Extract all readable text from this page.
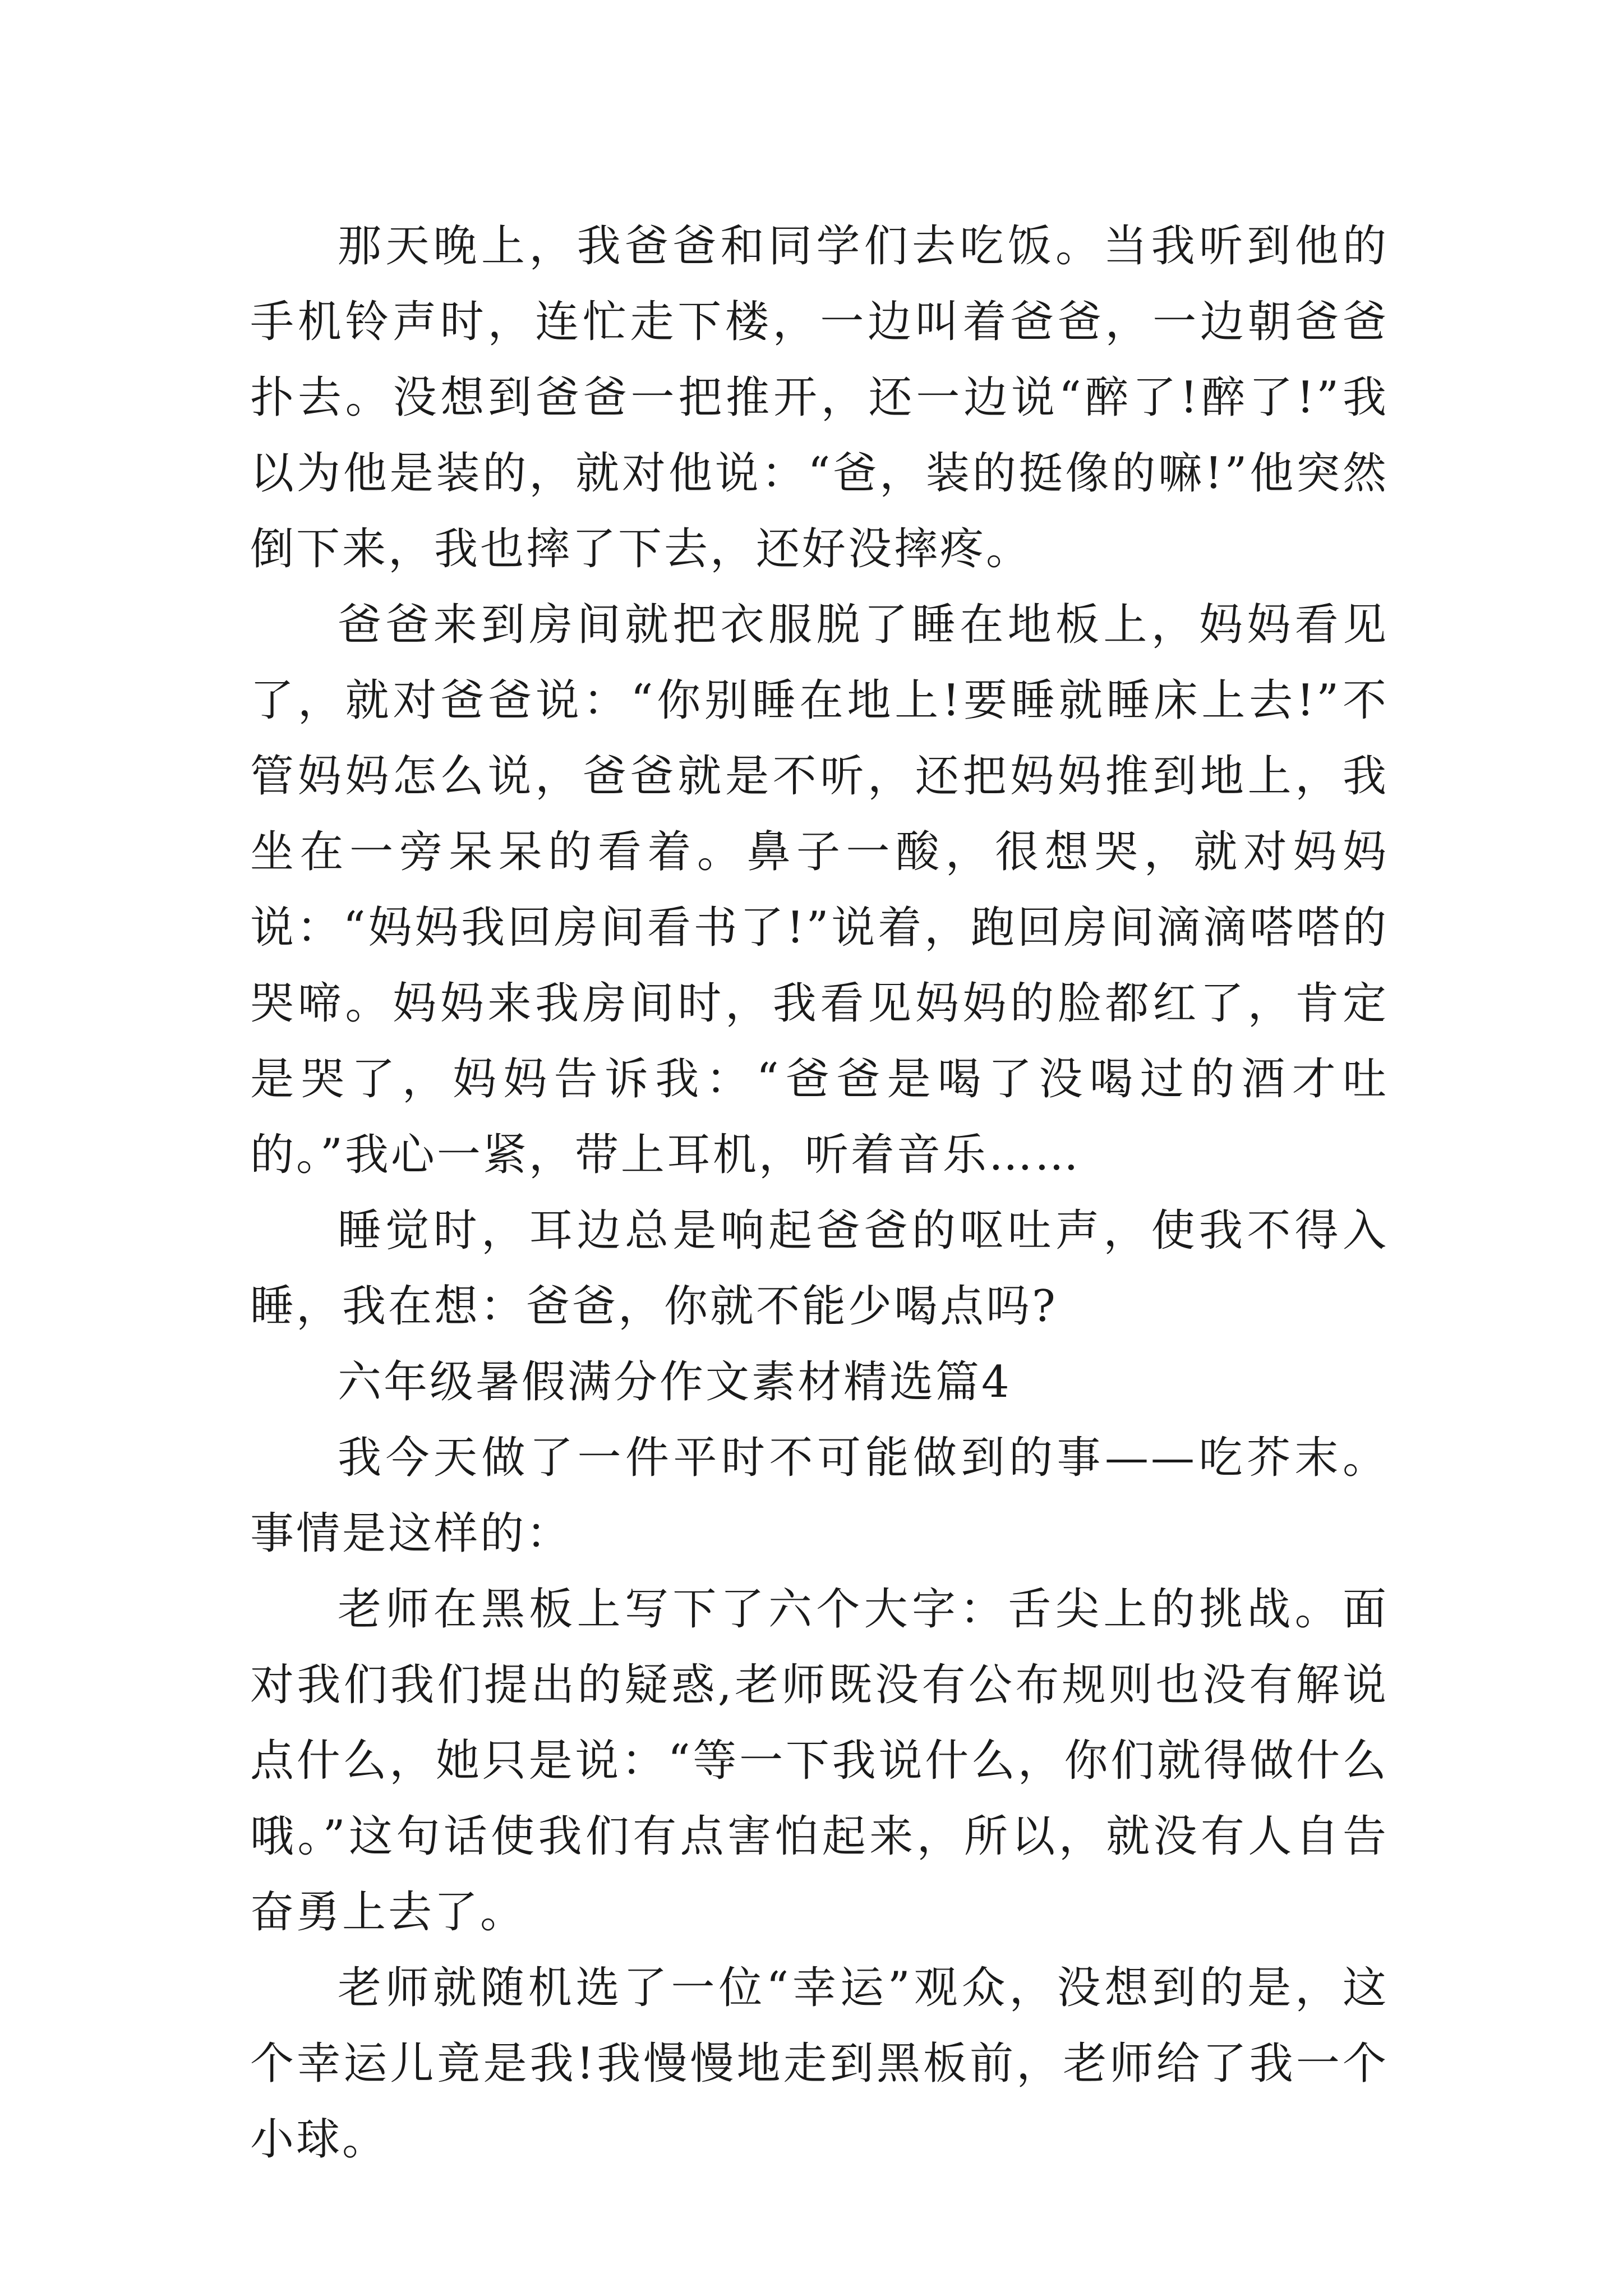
那天晚上，我爸爸和同学们去吃饭。当我听到他的手机铃声时，连忙走下楼，一边叫着爸爸，一边朝爸爸扑去。没想到爸爸一把推开，还一边说“醉了!醉了!”我以为他是装的，就对他说：“爸，装的挺像的嘛!”他突然倒下来，我也摔了下去，还好没摔疼。

爸爸来到房间就把衣服脱了睡在地板上，妈妈看见了，就对爸爸说：“你别睡在地上!要睡就睡床上去!”不管妈妈怎么说，爸爸就是不听，还把妈妈推到地上，我坐在一旁呆呆的看着。鼻子一酸，很想哭，就对妈妈说：“妈妈我回房间看书了!”说着，跑回房间滴滴嗒嗒的哭啼。妈妈来我房间时，我看见妈妈的脸都红了，肯定是哭了，妈妈告诉我：“爸爸是喝了没喝过的酒才吐的。”我心一紧，带上耳机，听着音乐……

睡觉时，耳边总是响起爸爸的呕吐声，使我不得入睡，我在想：爸爸，你就不能少喝点吗?

六年级暑假满分作文素材精选篇4

我今天做了一件平时不可能做到的事——吃芥末。事情是这样的：

老师在黑板上写下了六个大字：舌尖上的挑战。面对我们我们提出的疑惑,老师既没有公布规则也没有解说点什么，她只是说：“等一下我说什么，你们就得做什么哦。”这句话使我们有点害怕起来，所以，就没有人自告奋勇上去了。

老师就随机选了一位“幸运”观众，没想到的是，这个幸运儿竟是我!我慢慢地走到黑板前，老师给了我一个小球。
